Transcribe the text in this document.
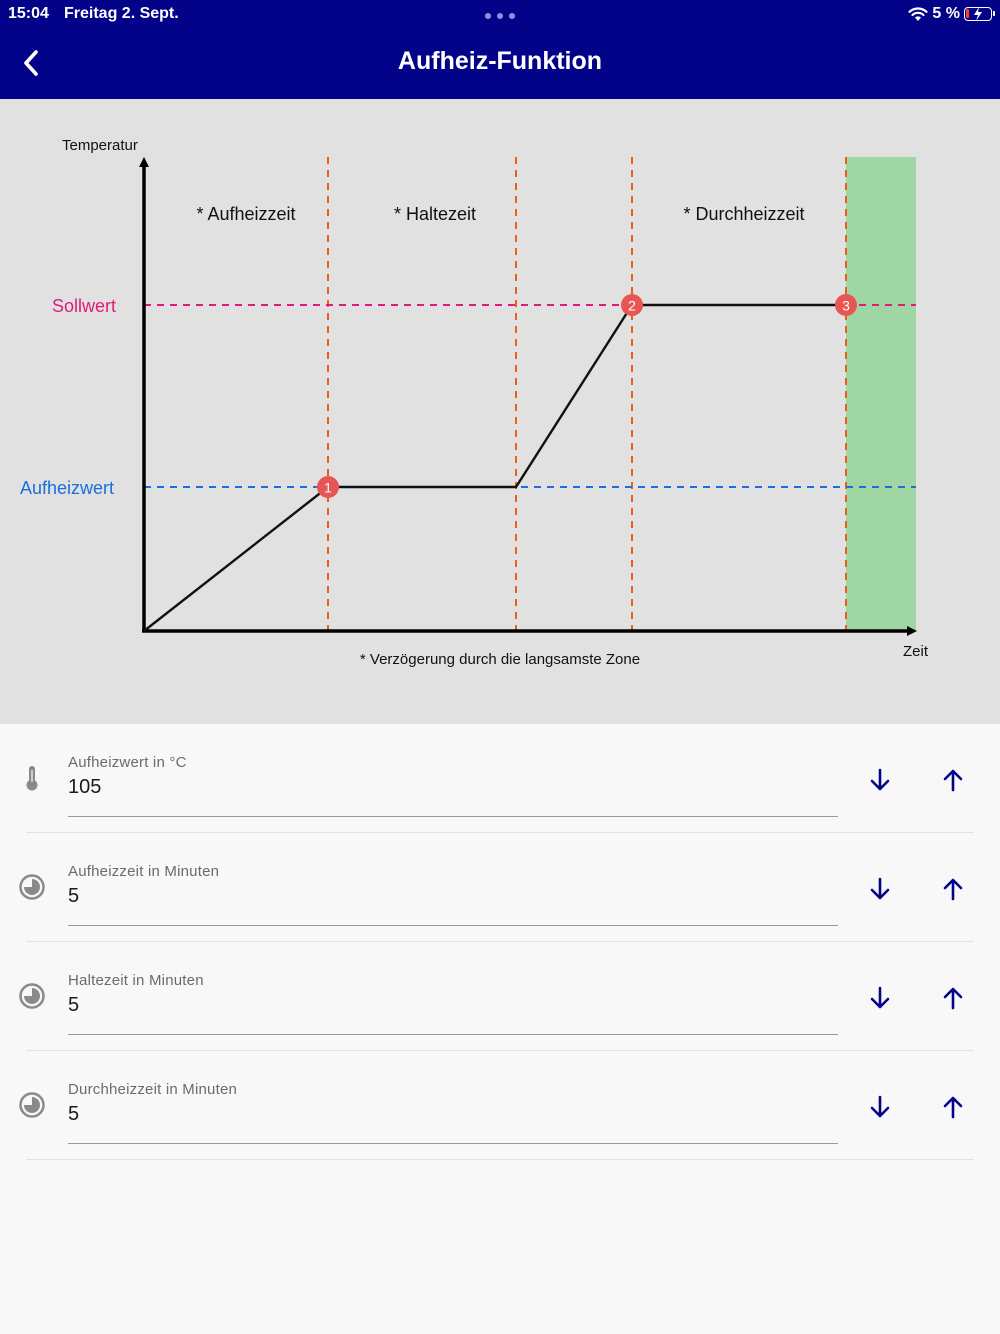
15:04 Freitag 2. Sept.	5 %
Aufheiz-Funktion
1
2	3
Temperatur
Zeit
Sollwert
Aufheizwert
* Aufheizzeit	* Haltezeit	* Durchheizzeit
* Verzögerung durch die langsamste Zone
Aufheizwert in °C
105
Aufheizzeit in Minuten
5
Haltezeit in Minuten
5
Durchheizzeit in Minuten
5
